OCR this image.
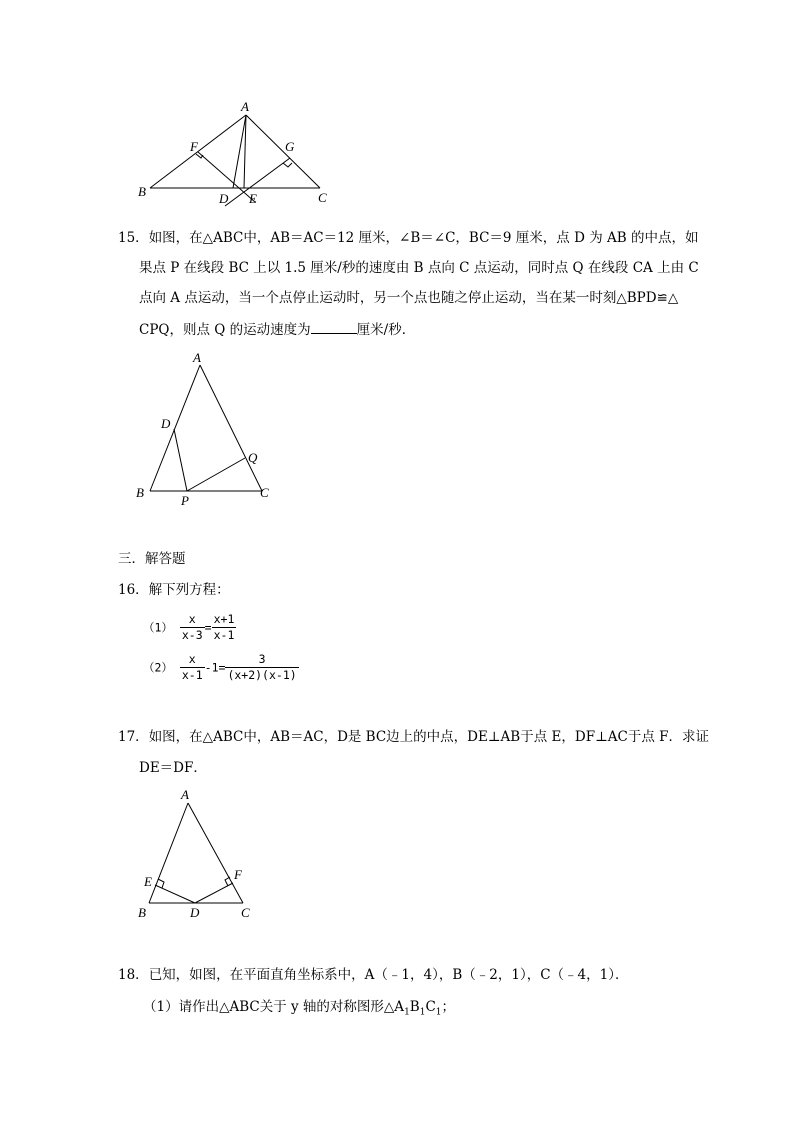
A
B	C
D E
F	G
15．如图，在△ABC中，AB＝AC＝12 厘米，∠B＝∠C，BC＝9 厘米，点 D 为 AB 的中点，如
果点 P 在线段 BC 上以 1.5 厘米/秒的速度由 B 点向 C 点运动，同时点 Q 在线段 CA 上由 C
点向 A 点运动，当一个点停止运动时，另一个点也随之停止运动，当在某一时刻△BPD≌△
CPQ，则点 Q 的运动速度为	厘米/秒．
A
B	C
D
P
Q
三．解答题
16．解下列方程：
$(1) \frac{x}{x-3} = \frac{x+1}{x-1}$
$(2) \frac{x}{x-1} -1= \frac{3}{(x+2)(x-1)}$
17．如图，在△ABC中，AB＝AC，D是 BC边上的中点，DE⊥AB于点 E，DF⊥AC于点 F．求证
DE＝DF．
A
B	C
D
E	F
18．已知，如图，在平面直角坐标系中，A（﹣1，4），B（﹣2，1），C（﹣4，1）．
（1）请作出△ABC关于 y 轴的对称图形$\triangle A_1B_1C_1$；
